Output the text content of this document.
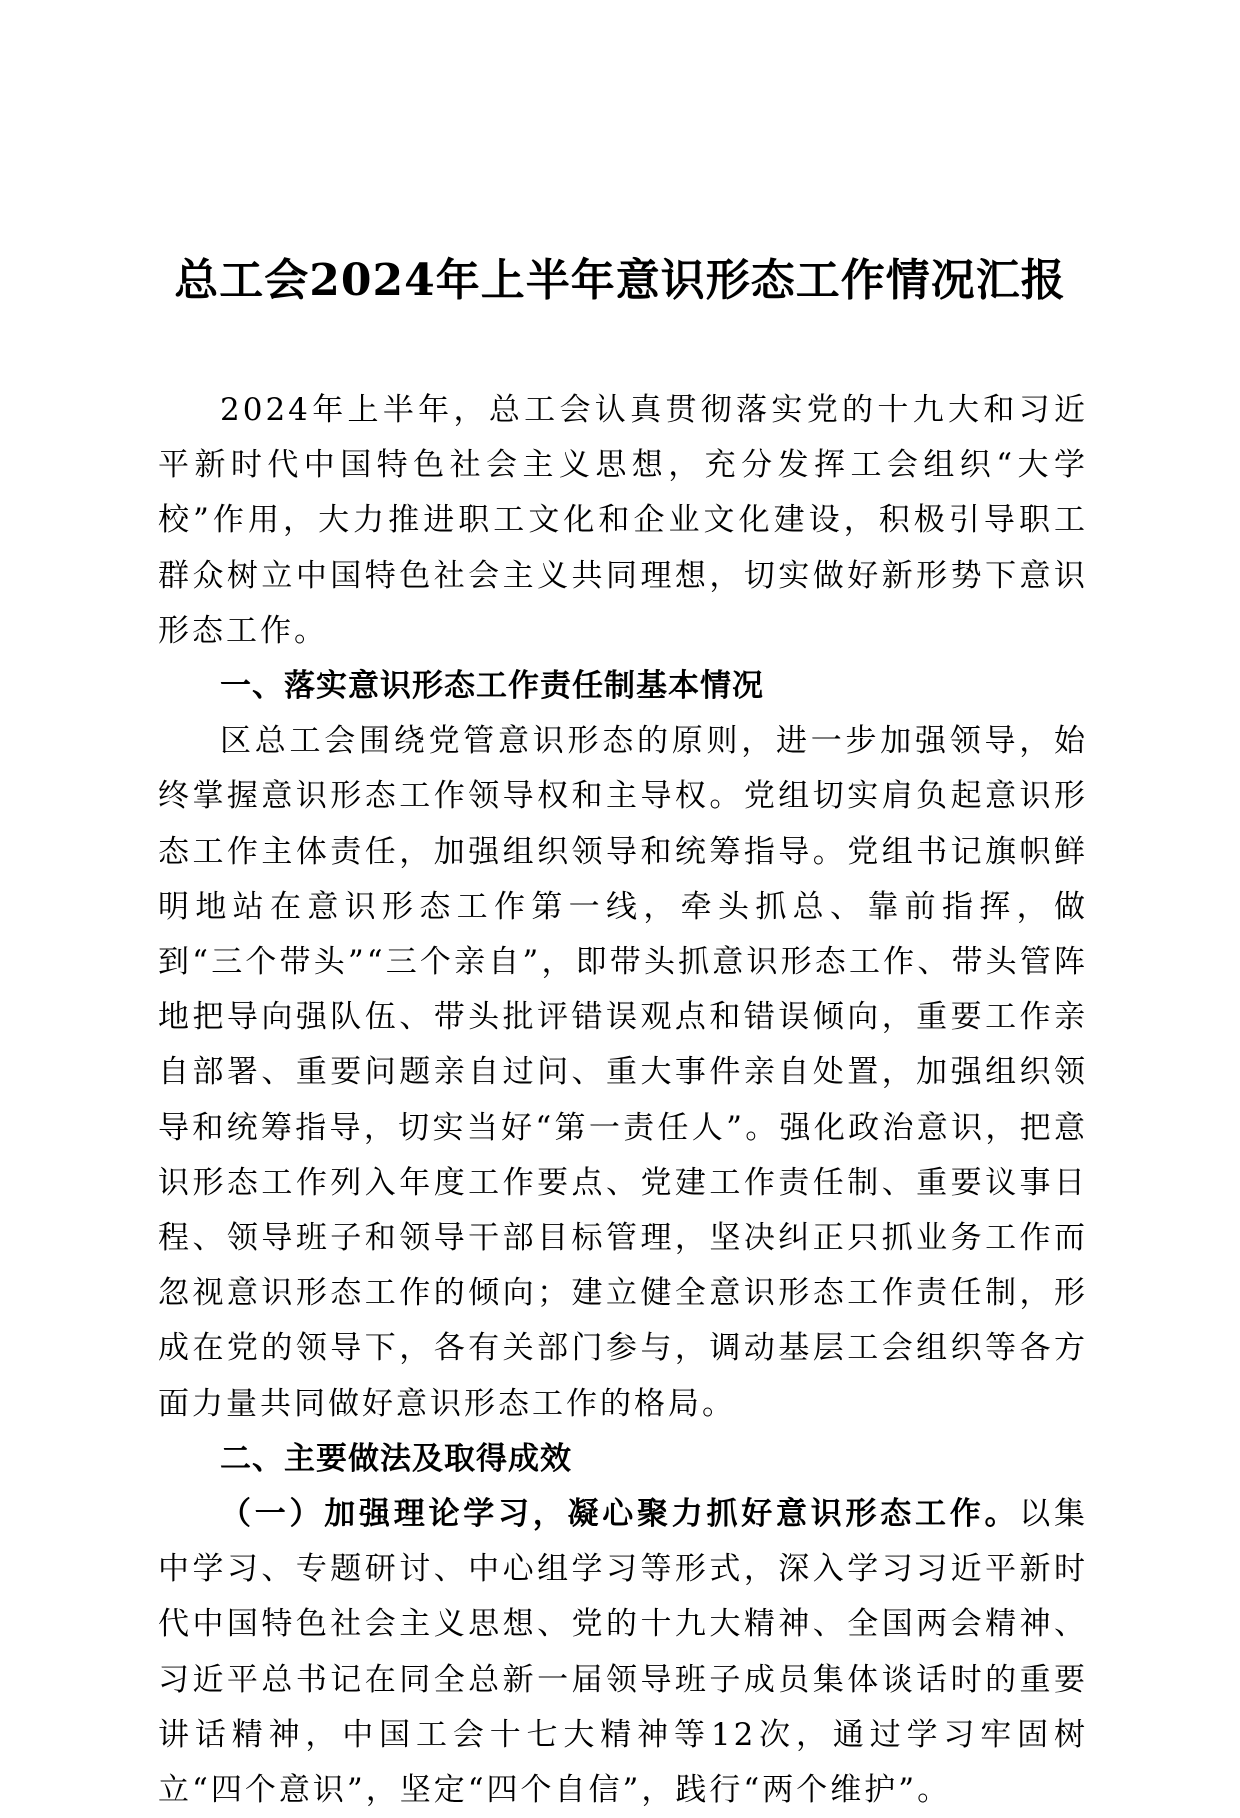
总工会2024年上半年意识形态工作情况汇报

2024年上半年，总工会认真贯彻落实党的十九大和习近平新时代中国特色社会主义思想，充分发挥工会组织“大学校”作用，大力推进职工文化和企业文化建设，积极引导职工群众树立中国特色社会主义共同理想，切实做好新形势下意识形态工作。

一、落实意识形态工作责任制基本情况

区总工会围绕党管意识形态的原则，进一步加强领导，始终掌握意识形态工作领导权和主导权。党组切实肩负起意识形态工作主体责任，加强组织领导和统筹指导。党组书记旗帜鲜明地站在意识形态工作第一线，牵头抓总、靠前指挥，做到“三个带头”“三个亲自”，即带头抓意识形态工作、带头管阵地把导向强队伍、带头批评错误观点和错误倾向，重要工作亲自部署、重要问题亲自过问、重大事件亲自处置，加强组织领导和统筹指导，切实当好“第一责任人”。强化政治意识，把意识形态工作列入年度工作要点、党建工作责任制、重要议事日程、领导班子和领导干部目标管理，坚决纠正只抓业务工作而忽视意识形态工作的倾向；建立健全意识形态工作责任制，形成在党的领导下，各有关部门参与，调动基层工会组织等各方面力量共同做好意识形态工作的格局。

二、主要做法及取得成效

（一）加强理论学习，凝心聚力抓好意识形态工作。以集中学习、专题研讨、中心组学习等形式，深入学习习近平新时代中国特色社会主义思想、党的十九大精神、全国两会精神、习近平总书记在同全总新一届领导班子成员集体谈话时的重要讲话精神，中国工会十七大精神等12次，通过学习牢固树立“四个意识”，坚定“四个自信”，践行“两个维护”。
